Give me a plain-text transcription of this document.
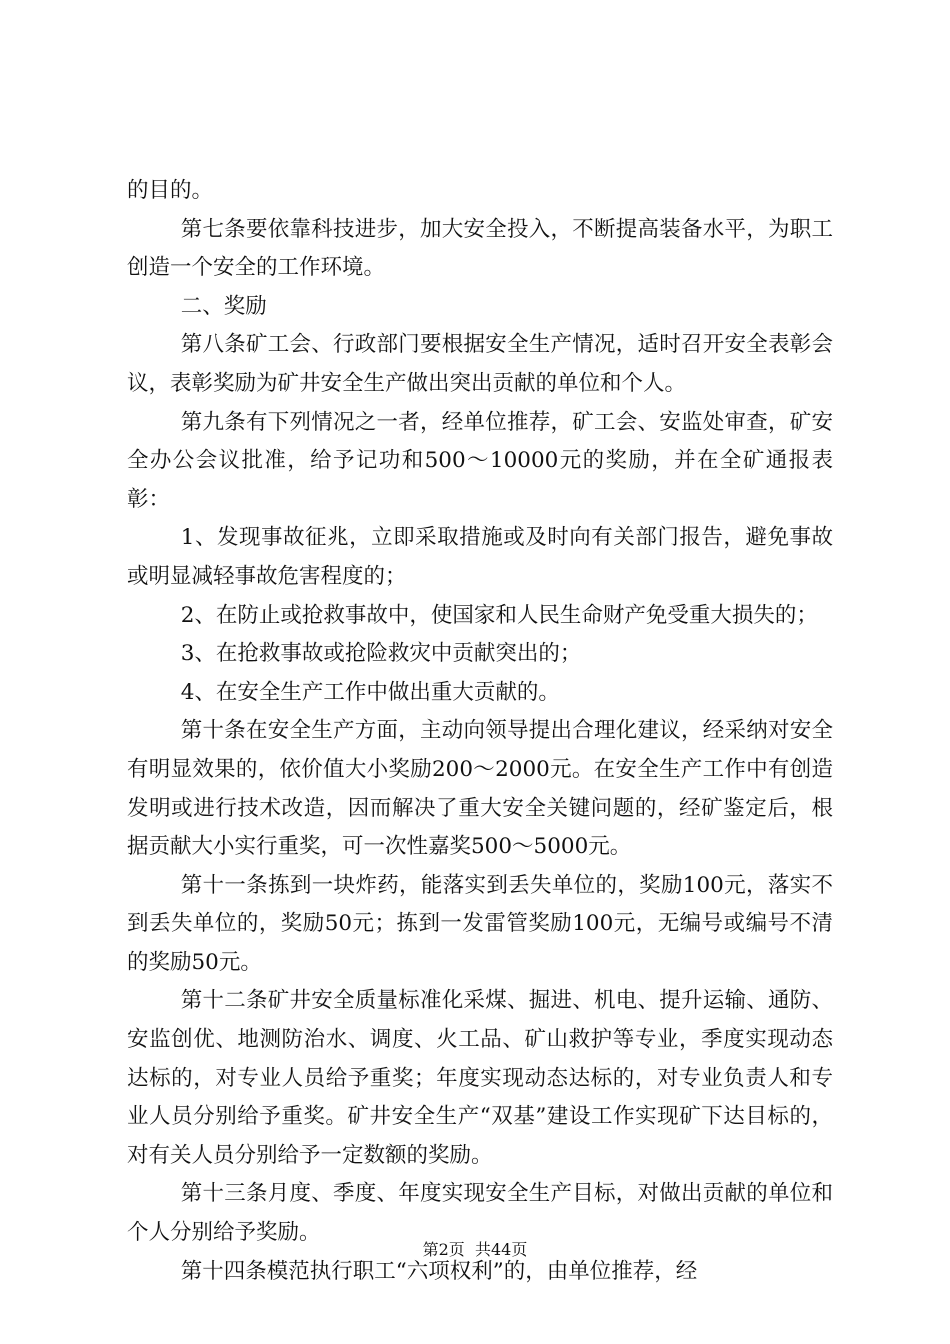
的目的。

第七条要依靠科技进步，加大安全投入，不断提高装备水平，为职工创造一个安全的工作环境。

二、奖励

第八条矿工会、行政部门要根据安全生产情况，适时召开安全表彰会议，表彰奖励为矿井安全生产做出突出贡献的单位和个人。

第九条有下列情况之一者，经单位推荐，矿工会、安监处审查，矿安全办公会议批准，给予记功和500～10000元的奖励，并在全矿通报表彰：

1、发现事故征兆，立即采取措施或及时向有关部门报告，避免事故或明显减轻事故危害程度的；

2、在防止或抢救事故中，使国家和人民生命财产免受重大损失的；

3、在抢救事故或抢险救灾中贡献突出的；

4、在安全生产工作中做出重大贡献的。

第十条在安全生产方面，主动向领导提出合理化建议，经采纳对安全有明显效果的，依价值大小奖励200～2000元。在安全生产工作中有创造发明或进行技术改造，因而解决了重大安全关键问题的，经矿鉴定后，根据贡献大小实行重奖，可一次性嘉奖500～5000元。

第十一条拣到一块炸药，能落实到丢失单位的，奖励100元，落实不到丢失单位的，奖励50元；拣到一发雷管奖励100元，无编号或编号不清的奖励50元。

第十二条矿井安全质量标准化采煤、掘进、机电、提升运输、通防、安监创优、地测防治水、调度、火工品、矿山救护等专业，季度实现动态达标的，对专业人员给予重奖；年度实现动态达标的，对专业负责人和专业人员分别给予重奖。矿井安全生产“双基”建设工作实现矿下达目标的，对有关人员分别给予一定数额的奖励。

第十三条月度、季度、年度实现安全生产目标，对做出贡献的单位和个人分别给予奖励。

第十四条模范执行职工“六项权利”的，由单位推荐，经

第2页 共44页
